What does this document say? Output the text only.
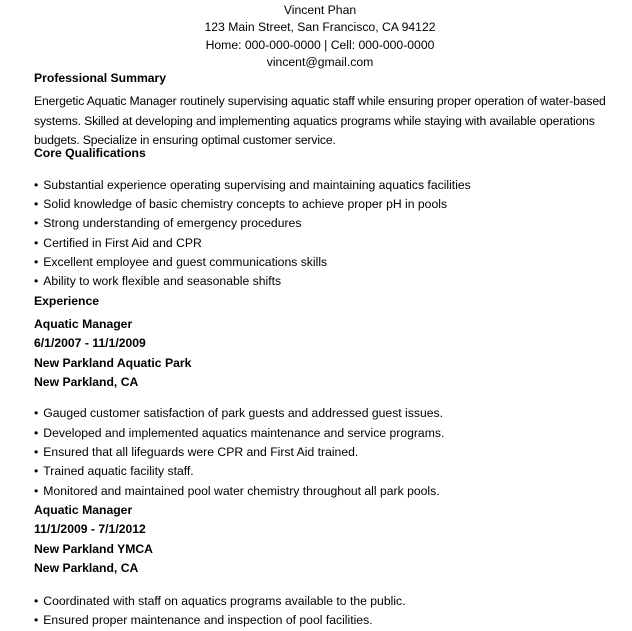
Vincent Phan
123 Main Street, San Francisco, CA 94122
Home: 000-000-0000 | Cell: 000-000-0000
vincent@gmail.com
Professional Summary
Energetic Aquatic Manager routinely supervising aquatic staff while ensuring proper operation of water-based systems. Skilled at developing and implementing aquatics programs while staying with available operations budgets. Specialize in ensuring optimal customer service.
Core Qualifications
• Substantial experience operating supervising and maintaining aquatics facilities
• Solid knowledge of basic chemistry concepts to achieve proper pH in pools
• Strong understanding of emergency procedures
• Certified in First Aid and CPR
• Excellent employee and guest communications skills
• Ability to work flexible and seasonable shifts
Experience
Aquatic Manager
6/1/2007 - 11/1/2009
New Parkland Aquatic Park
New Parkland, CA
• Gauged customer satisfaction of park guests and addressed guest issues.
• Developed and implemented aquatics maintenance and service programs.
• Ensured that all lifeguards were CPR and First Aid trained.
• Trained aquatic facility staff.
• Monitored and maintained pool water chemistry throughout all park pools.
Aquatic Manager
11/1/2009 - 7/1/2012
New Parkland YMCA
New Parkland, CA
• Coordinated with staff on aquatics programs available to the public.
• Ensured proper maintenance and inspection of pool facilities.
